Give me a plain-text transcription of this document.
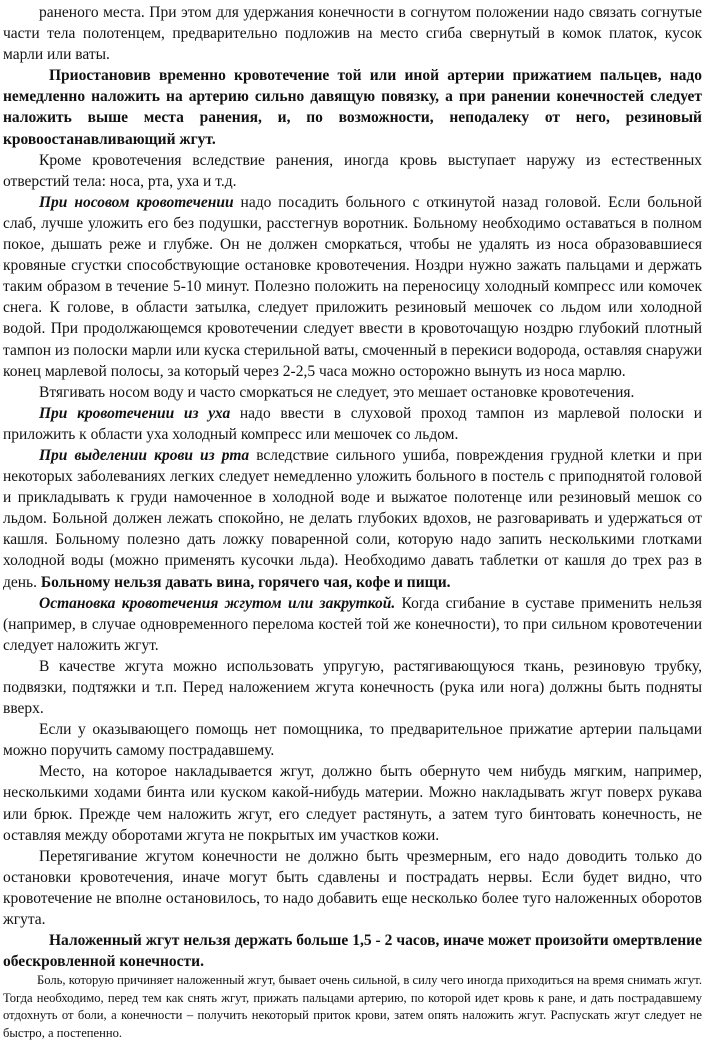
раненого места. При этом для удержания конечности в согнутом положении надо связать согнутые части тела полотенцем, предварительно подложив на место сгиба свернутый в комок платок, кусок марли или ваты.

Приостановив временно кровотечение той или иной артерии прижатием пальцев, надо немедленно наложить на артерию сильно давящую повязку, а при ранении конечностей следует наложить выше места ранения, и, по возможности, неподалеку от него, резиновый кровоостанавливающий жгут.

Кроме кровотечения вследствие ранения, иногда кровь выступает наружу из естественных отверстий тела: носа, рта, уха и т.д.

При носовом кровотечении надо посадить больного с откинутой назад головой. Если больной слаб, лучше уложить его без подушки, расстегнув воротник. Больному необходимо оставаться в полном покое, дышать реже и глубже. Он не должен сморкаться, чтобы не удалять из носа образовавшиеся кровяные сгустки способствующие остановке кровотечения. Ноздри нужно зажать пальцами и держать таким образом в течение 5-10 минут. Полезно положить на переносицу холодный компресс или комочек снега. К голове, в области затылка, следует приложить резиновый мешочек со льдом или холодной водой. При продолжающемся кровотечении следует ввести в кровоточащую ноздрю глубокий плотный тампон из полоски марли или куска стерильной ваты, смоченный в перекиси водорода, оставляя снаружи конец марлевой полосы, за который через 2-2,5 часа можно осторожно вынуть из носа марлю.

Втягивать носом воду и часто сморкаться не следует, это мешает остановке кровотечения.

При кровотечении из уха надо ввести в слуховой проход тампон из марлевой полоски и приложить к области уха холодный компресс или мешочек со льдом.

При выделении крови из рта вследствие сильного ушиба, повреждения грудной клетки и при некоторых заболеваниях легких следует немедленно уложить больного в постель с приподнятой головой и прикладывать к груди намоченное в холодной воде и выжатое полотенце или резиновый мешок со льдом. Больной должен лежать спокойно, не делать глубоких вдохов, не разговаривать и удержаться от кашля. Больному полезно дать ложку поваренной соли, которую надо запить несколькими глотками холодной воды (можно применять кусочки льда). Необходимо давать таблетки от кашля до трех раз в день. Больному нельзя давать вина, горячего чая, кофе и пищи.

Остановка кровотечения жгутом или закруткой. Когда сгибание в суставе применить нельзя (например, в случае одновременного перелома костей той же конечности), то при сильном кровотечении следует наложить жгут.

В качестве жгута можно использовать упругую, растягивающуюся ткань, резиновую трубку, подвязки, подтяжки и т.п. Перед наложением жгута конечность (рука или нога) должны быть подняты вверх.

Если у оказывающего помощь нет помощника, то предварительное прижатие артерии пальцами можно поручить самому пострадавшему.

Место, на которое накладывается жгут, должно быть обернуто чем нибудь мягким, например, несколькими ходами бинта или куском какой-нибудь материи. Можно накладывать жгут поверх рукава или брюк. Прежде чем наложить жгут, его следует растянуть, а затем туго бинтовать конечность, не оставляя между оборотами жгута не покрытых им участков кожи.

Перетягивание жгутом конечности не должно быть чрезмерным, его надо доводить только до остановки кровотечения, иначе могут быть сдавлены и пострадать нервы. Если будет видно, что кровотечение не вполне остановилось, то надо добавить еще несколько более туго наложенных оборотов жгута.

Наложенный жгут нельзя держать больше 1,5 - 2 часов, иначе может произойти омертвление обескровленной конечности.

Боль, которую причиняет наложенный жгут, бывает очень сильной, в силу чего иногда приходиться на время снимать жгут. Тогда необходимо, перед тем как снять жгут, прижать пальцами артерию, по которой идет кровь к ране, и дать пострадавшему отдохнуть от боли, а конечности – получить некоторый приток крови, затем опять наложить жгут. Распускать жгут следует не быстро, а постепенно.
